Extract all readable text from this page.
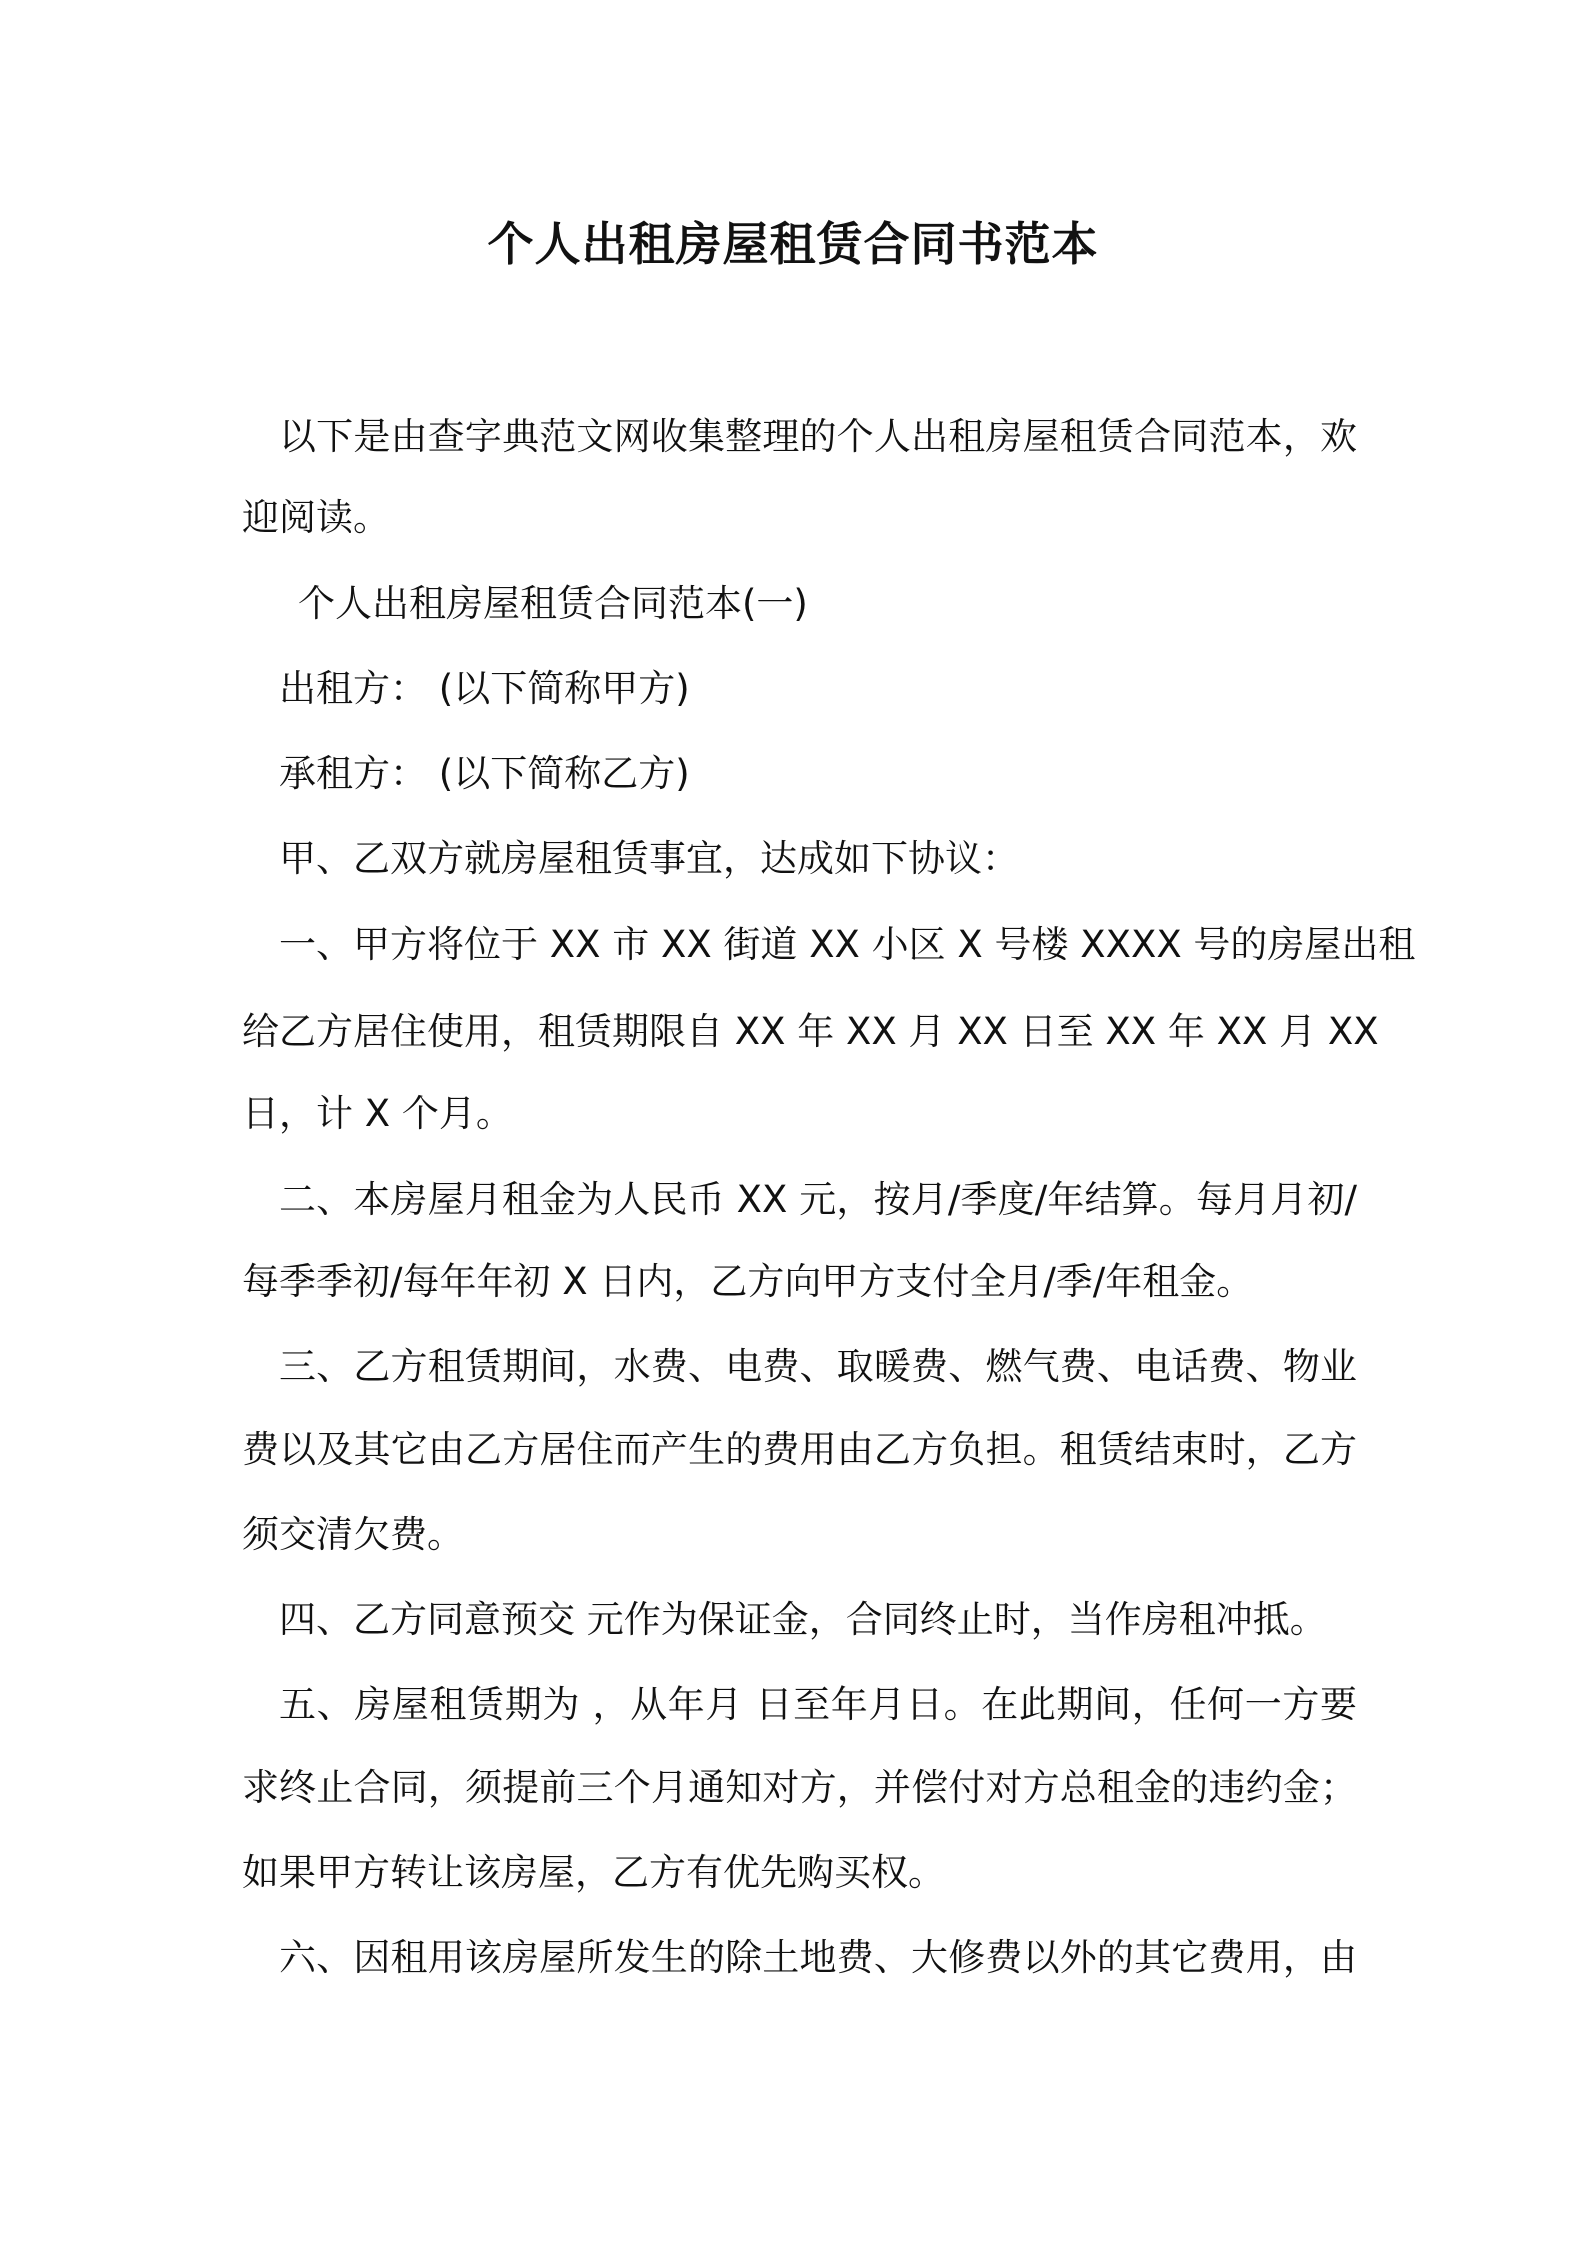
个人出租房屋租赁合同书范本
以下是由查字典范文网收集整理的个人出租房屋租赁合同范本，欢
迎阅读。
个人出租房屋租赁合同范本(一)
出租方： (以下简称甲方)
承租方： (以下简称乙方)
甲、乙双方就房屋租赁事宜，达成如下协议：
一、甲方将位于 XX 市 XX 街道 XX 小区 X 号楼 XXXX 号的房屋出租
给乙方居住使用，租赁期限自 XX 年 XX 月 XX 日至 XX 年 XX 月 XX
日，计 X 个月。
二、本房屋月租金为人民币 XX 元，按月/季度/年结算。每月月初/
每季季初/每年年初 X 日内，乙方向甲方支付全月/季/年租金。
三、乙方租赁期间，水费、电费、取暖费、燃气费、电话费、物业
费以及其它由乙方居住而产生的费用由乙方负担。租赁结束时，乙方
须交清欠费。
四、乙方同意预交 元作为保证金，合同终止时，当作房租冲抵。
五、房屋租赁期为 ，从年月 日至年月日。在此期间，任何一方要
求终止合同，须提前三个月通知对方，并偿付对方总租金的违约金；
如果甲方转让该房屋，乙方有优先购买权。
六、因租用该房屋所发生的除土地费、大修费以外的其它费用，由
